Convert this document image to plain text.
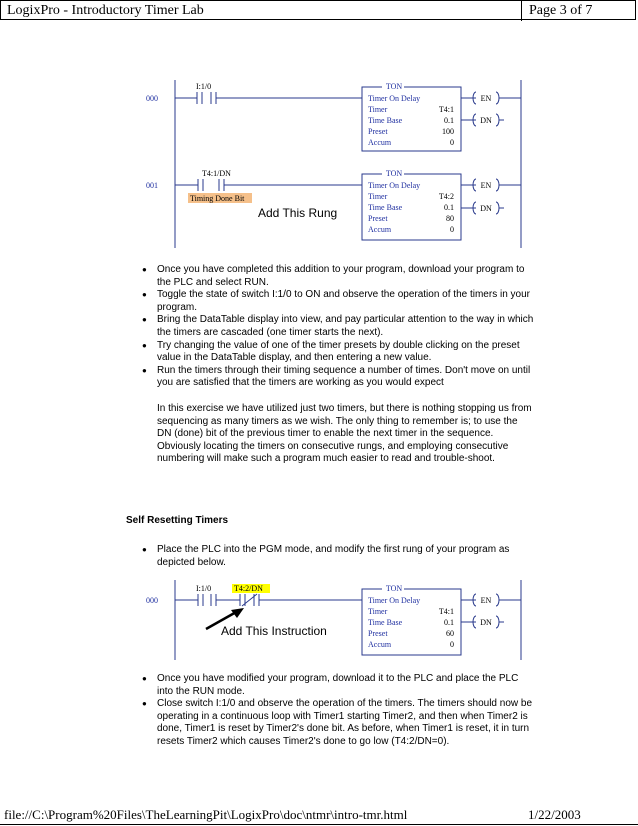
LogixPro - Introductory Timer Lab	Page 3 of 7
000
001
TON
Timer On Delay
Timer
Time Base
Preset
Accum
TON
Timer On Delay
Timer
Time Base
Preset
Accum
I:1/0
T4:1/DN
Timing Done Bit
T4:1
0.1
100
0
T4:2
0.1
80
0
EN
DN
EN
DN
Add This Rung
● Once you have completed this addition to your program, download your program to the PLC and select RUN.
● Toggle the state of switch I:1/0 to ON and observe the operation of the timers in your program.
● Bring the DataTable display into view, and pay particular attention to the way in which the timers are cascaded (one timer starts the next).
● Try changing the value of one of the timer presets by double clicking on the preset value in the DataTable display, and then entering a new value.
● Run the timers through their timing sequence a number of times. Don't move on until you are satisfied that the timers are working as you would expect

In this exercise we have utilized just two timers, but there is nothing stopping us from sequencing as many timers as we wish. The only thing to remember is; to use the DN (done) bit of the previous timer to enable the next timer in the sequence. Obviously locating the timers on consecutive rungs, and employing consecutive numbering will make such a program much easier to read and trouble-shoot.

Self Resetting Timers
● Place the PLC into the PGM mode, and modify the first rung of your program as depicted below.
000
TON
Timer On Delay
Timer
Time Base
Preset
Accum
I:1/0	T4:2/DN
T4:1
0.1
60
0
EN
DN
Add This Instruction
● Once you have modified your program, download it to the PLC and place the PLC into the RUN mode.
● Close switch I:1/0 and observe the operation of the timers. The timers should now be operating in a continuous loop with Timer1 starting Timer2, and then when Timer2 is done, Timer1 is reset by Timer2's done bit. As before, when Timer1 is reset, it in turn resets Timer2 which causes Timer2's done to go low (T4:2/DN=0).
file://C:\Program%20Files\TheLearningPit\LogixPro\doc\ntmr\intro-tmr.html	1/22/2003
